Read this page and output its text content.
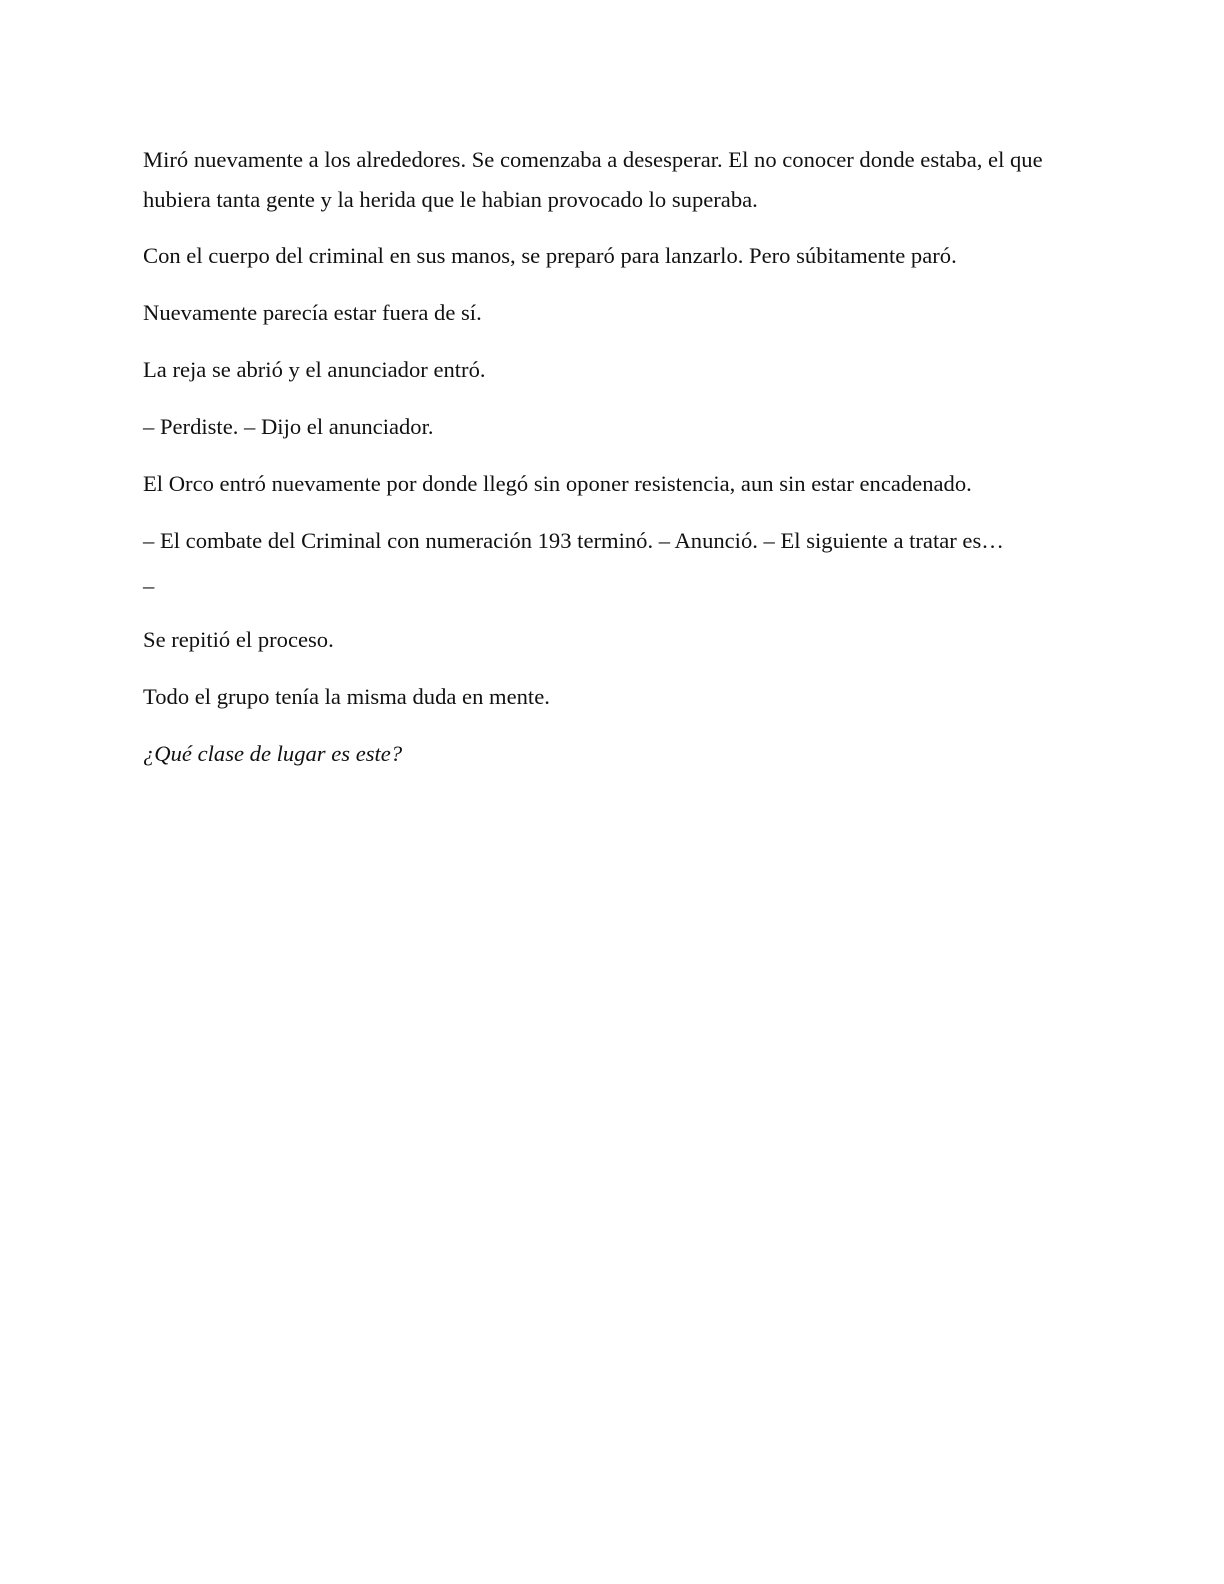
Miró nuevamente a los alrededores. Se comenzaba a desesperar. El no conocer donde estaba, el que hubiera tanta gente y la herida que le habian provocado lo superaba.

Con el cuerpo del criminal en sus manos, se preparó para lanzarlo. Pero súbitamente paró.

Nuevamente parecía estar fuera de sí.

La reja se abrió y el anunciador entró.

– Perdiste. – Dijo el anunciador.

El Orco entró nuevamente por donde llegó sin oponer resistencia, aun sin estar encadenado.

– El combate del Criminal con numeración 193 terminó. – Anunció. – El siguiente a tratar es…

–

Se repitió el proceso.

Todo el grupo tenía la misma duda en mente.

¿Qué clase de lugar es este?
